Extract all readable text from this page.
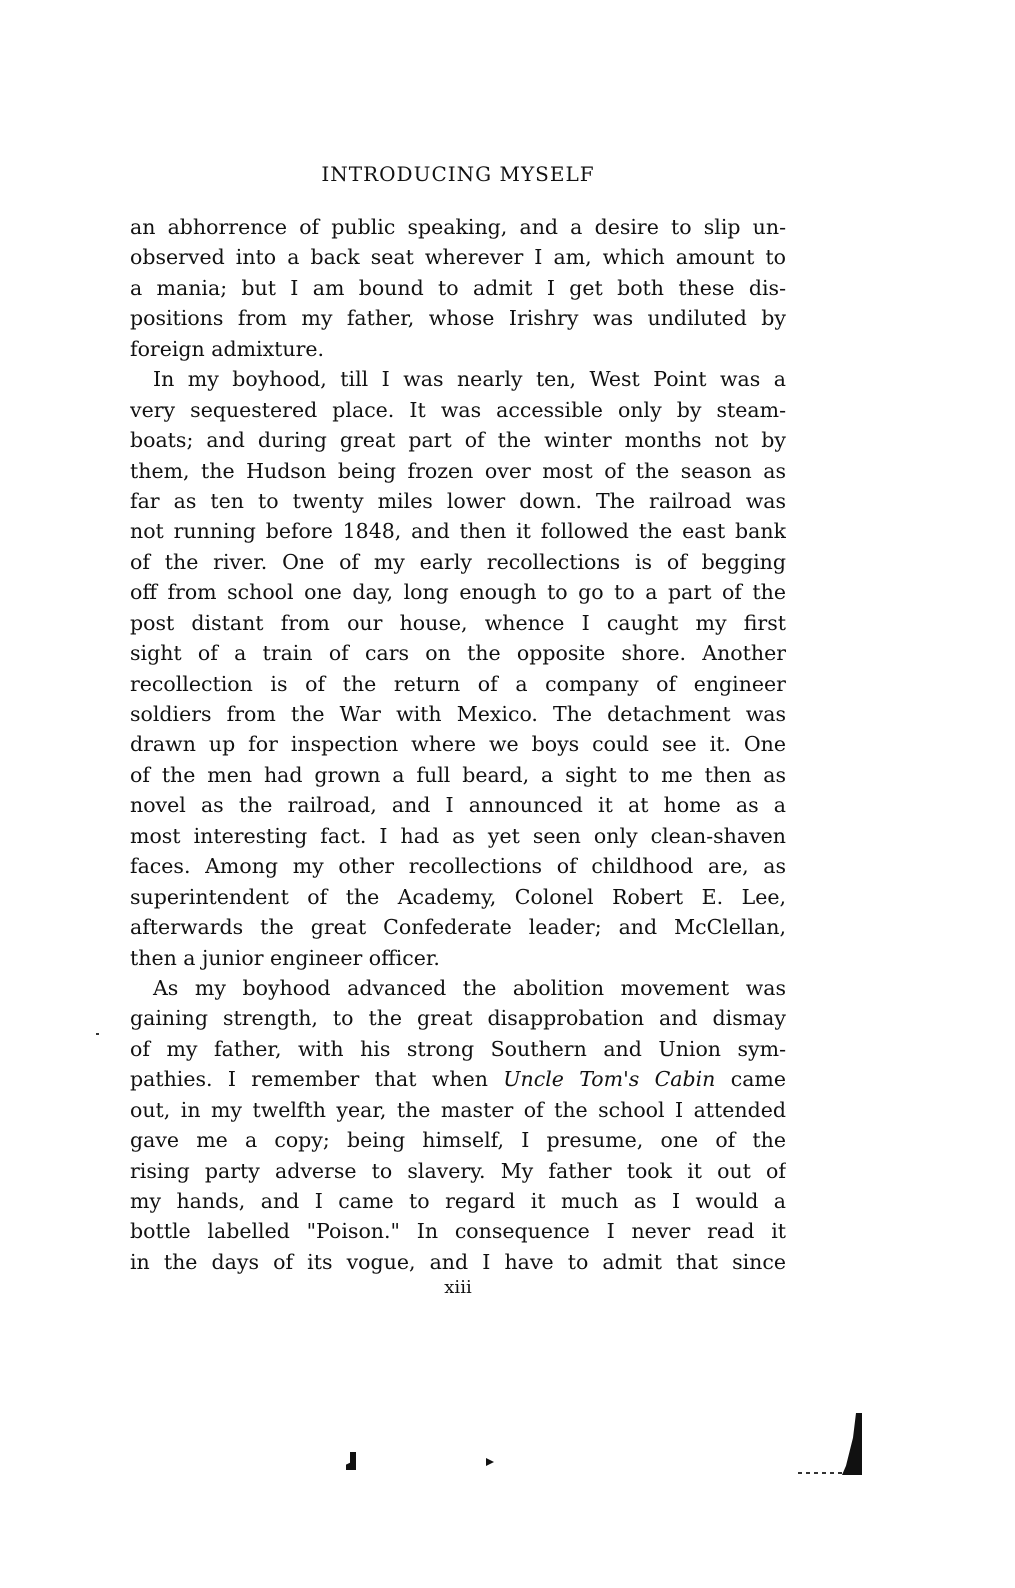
INTRODUCING MYSELF
an abhorrence of public speaking, and a desire to slip un-
observed into a back seat wherever I am, which amount to
a mania; but I am bound to admit I get both these dis-
positions from my father, whose Irishry was undiluted by
foreign admixture.
In my boyhood, till I was nearly ten, West Point was a
very sequestered place. It was accessible only by steam-
boats; and during great part of the winter months not by
them, the Hudson being frozen over most of the season as
far as ten to twenty miles lower down. The railroad was
not running before 1848, and then it followed the east bank
of the river. One of my early recollections is of begging
off from school one day, long enough to go to a part of the
post distant from our house, whence I caught my first
sight of a train of cars on the opposite shore. Another
recollection is of the return of a company of engineer
soldiers from the War with Mexico. The detachment was
drawn up for inspection where we boys could see it. One
of the men had grown a full beard, a sight to me then as
novel as the railroad, and I announced it at home as a
most interesting fact. I had as yet seen only clean-shaven
faces. Among my other recollections of childhood are, as
superintendent of the Academy, Colonel Robert E. Lee,
afterwards the great Confederate leader; and McClellan,
then a junior engineer officer.
As my boyhood advanced the abolition movement was
gaining strength, to the great disapprobation and dismay
of my father, with his strong Southern and Union sym-
pathies. I remember that when Uncle Tom's Cabin came
out, in my twelfth year, the master of the school I attended
gave me a copy; being himself, I presume, one of the
rising party adverse to slavery. My father took it out of
my hands, and I came to regard it much as I would a
bottle labelled "Poison." In consequence I never read it
in the days of its vogue, and I have to admit that since
xiii
